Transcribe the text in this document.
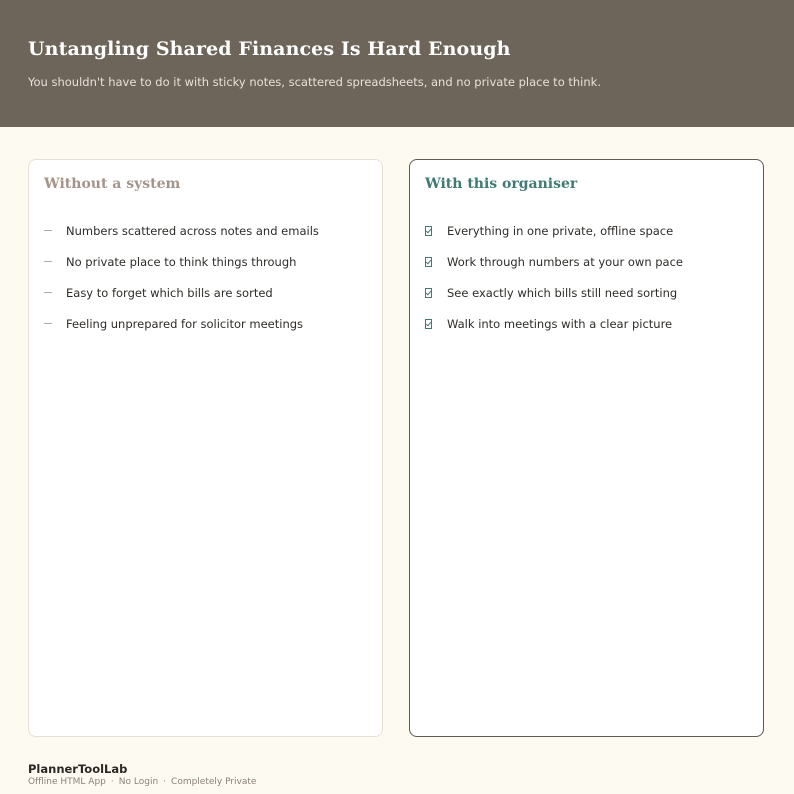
Untangling Shared Finances Is Hard Enough

You shouldn't have to do it with sticky notes, scattered spreadsheets, and no private place to think.

Without a system
Numbers scattered across notes and emails
No private place to think things through
Easy to forget which bills are sorted
Feeling unprepared for solicitor meetings
With this organiser
Everything in one private, offline space
Work through numbers at your own pace
See exactly which bills still need sorting
Walk into meetings with a clear picture
PlannerToolLab
Offline HTML App · No Login · Completely Private
